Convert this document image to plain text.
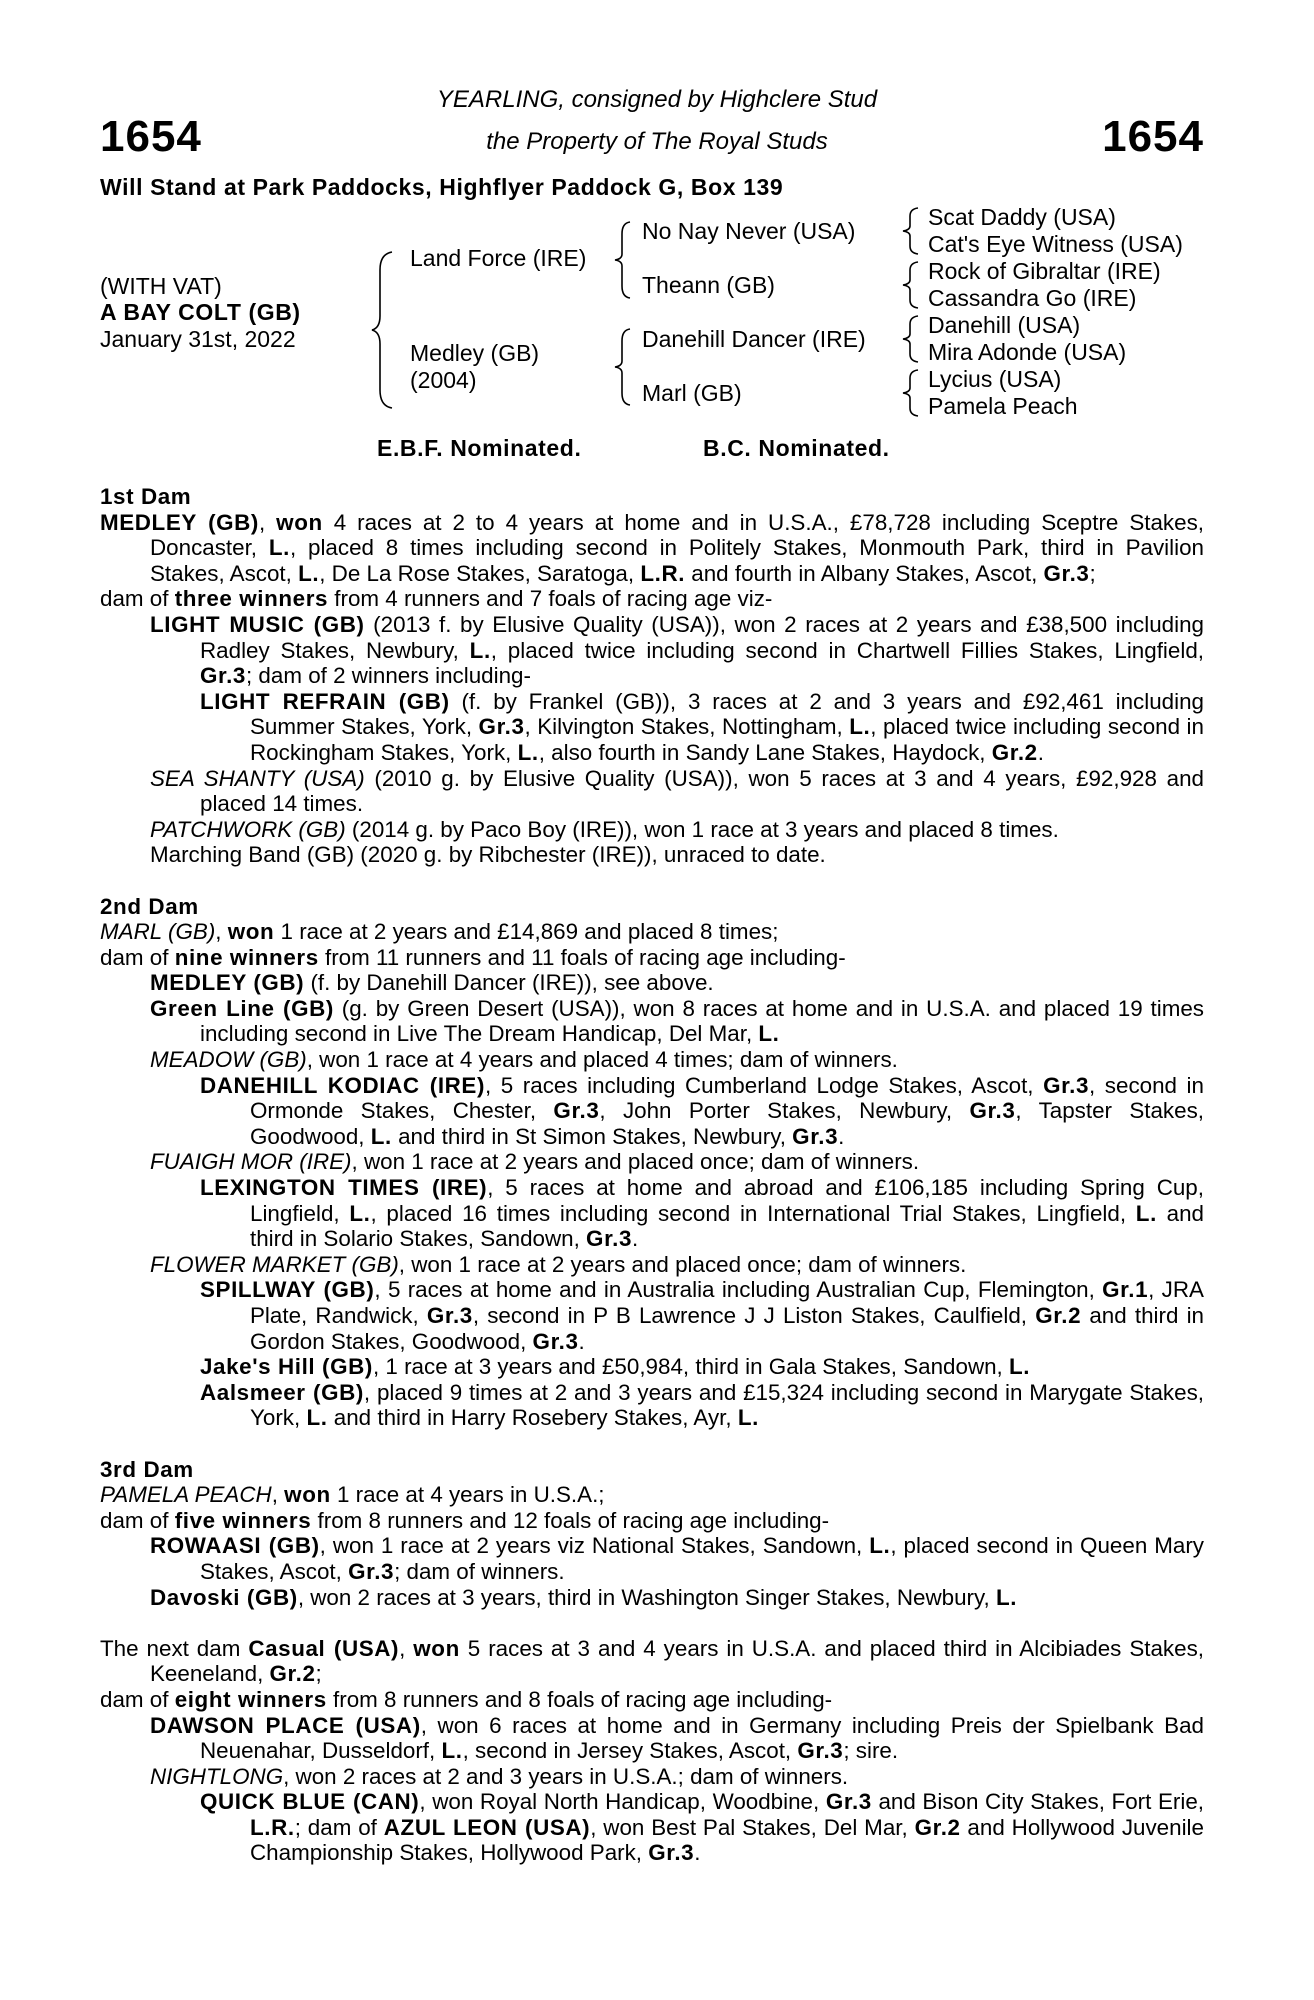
1654	1654
YEARLING, consigned by Highclere Stud
the Property of The Royal Studs
Will Stand at Park Paddocks, Highflyer Paddock G, Box 139
(WITH VAT)
A BAY COLT (GB)
January 31st, 2022
Land Force (IRE)
Medley (GB)
(2004)
No Nay Never (USA)
Theann (GB)
Danehill Dancer (IRE)
Marl (GB)
Scat Daddy (USA)
Cat's Eye Witness (USA)
Rock of Gibraltar (IRE)
Cassandra Go (IRE)
Danehill (USA)
Mira Adonde (USA)
Lycius (USA)
Pamela Peach
E.B.F. Nominated.	B.C. Nominated.

1st Dam

MEDLEY (GB), won 4 races at 2 to 4 years at home and in U.S.A., £78,728 including Sceptre Stakes, Doncaster, L., placed 8 times including second in Politely Stakes, Monmouth Park, third in Pavilion Stakes, Ascot, L., De La Rose Stakes, Saratoga, L.R. and fourth in Albany Stakes, Ascot, Gr.3;

dam of three winners from 4 runners and 7 foals of racing age viz-

LIGHT MUSIC (GB) (2013 f. by Elusive Quality (USA)), won 2 races at 2 years and £38,500 including Radley Stakes, Newbury, L., placed twice including second in Chartwell Fillies Stakes, Lingfield, Gr.3; dam of 2 winners including-

LIGHT REFRAIN (GB) (f. by Frankel (GB)), 3 races at 2 and 3 years and £92,461 including Summer Stakes, York, Gr.3, Kilvington Stakes, Nottingham, L., placed twice including second in Rockingham Stakes, York, L., also fourth in Sandy Lane Stakes, Haydock, Gr.2.

SEA SHANTY (USA) (2010 g. by Elusive Quality (USA)), won 5 races at 3 and 4 years, £92,928 and placed 14 times.

PATCHWORK (GB) (2014 g. by Paco Boy (IRE)), won 1 race at 3 years and placed 8 times.

Marching Band (GB) (2020 g. by Ribchester (IRE)), unraced to date.

2nd Dam

MARL (GB), won 1 race at 2 years and £14,869 and placed 8 times;

dam of nine winners from 11 runners and 11 foals of racing age including-

MEDLEY (GB) (f. by Danehill Dancer (IRE)), see above.

Green Line (GB) (g. by Green Desert (USA)), won 8 races at home and in U.S.A. and placed 19 times including second in Live The Dream Handicap, Del Mar, L.

MEADOW (GB), won 1 race at 4 years and placed 4 times; dam of winners.

DANEHILL KODIAC (IRE), 5 races including Cumberland Lodge Stakes, Ascot, Gr.3, second in Ormonde Stakes, Chester, Gr.3, John Porter Stakes, Newbury, Gr.3, Tapster Stakes, Goodwood, L. and third in St Simon Stakes, Newbury, Gr.3.

FUAIGH MOR (IRE), won 1 race at 2 years and placed once; dam of winners.

LEXINGTON TIMES (IRE), 5 races at home and abroad and £106,185 including Spring Cup, Lingfield, L., placed 16 times including second in International Trial Stakes, Lingfield, L. and third in Solario Stakes, Sandown, Gr.3.

FLOWER MARKET (GB), won 1 race at 2 years and placed once; dam of winners.

SPILLWAY (GB), 5 races at home and in Australia including Australian Cup, Flemington, Gr.1, JRA Plate, Randwick, Gr.3, second in P B Lawrence J J Liston Stakes, Caulfield, Gr.2 and third in Gordon Stakes, Goodwood, Gr.3.

Jake's Hill (GB), 1 race at 3 years and £50,984, third in Gala Stakes, Sandown, L.

Aalsmeer (GB), placed 9 times at 2 and 3 years and £15,324 including second in Marygate Stakes, York, L. and third in Harry Rosebery Stakes, Ayr, L.

3rd Dam

PAMELA PEACH, won 1 race at 4 years in U.S.A.;

dam of five winners from 8 runners and 12 foals of racing age including-

ROWAASI (GB), won 1 race at 2 years viz National Stakes, Sandown, L., placed second in Queen Mary Stakes, Ascot, Gr.3; dam of winners.

Davoski (GB), won 2 races at 3 years, third in Washington Singer Stakes, Newbury, L.

The next dam Casual (USA), won 5 races at 3 and 4 years in U.S.A. and placed third in Alcibiades Stakes, Keeneland, Gr.2;

dam of eight winners from 8 runners and 8 foals of racing age including-

DAWSON PLACE (USA), won 6 races at home and in Germany including Preis der Spielbank Bad Neuenahar, Dusseldorf, L., second in Jersey Stakes, Ascot, Gr.3; sire.

NIGHTLONG, won 2 races at 2 and 3 years in U.S.A.; dam of winners.

QUICK BLUE (CAN), won Royal North Handicap, Woodbine, Gr.3 and Bison City Stakes, Fort Erie, L.R.; dam of AZUL LEON (USA), won Best Pal Stakes, Del Mar, Gr.2 and Hollywood Juvenile Championship Stakes, Hollywood Park, Gr.3.
